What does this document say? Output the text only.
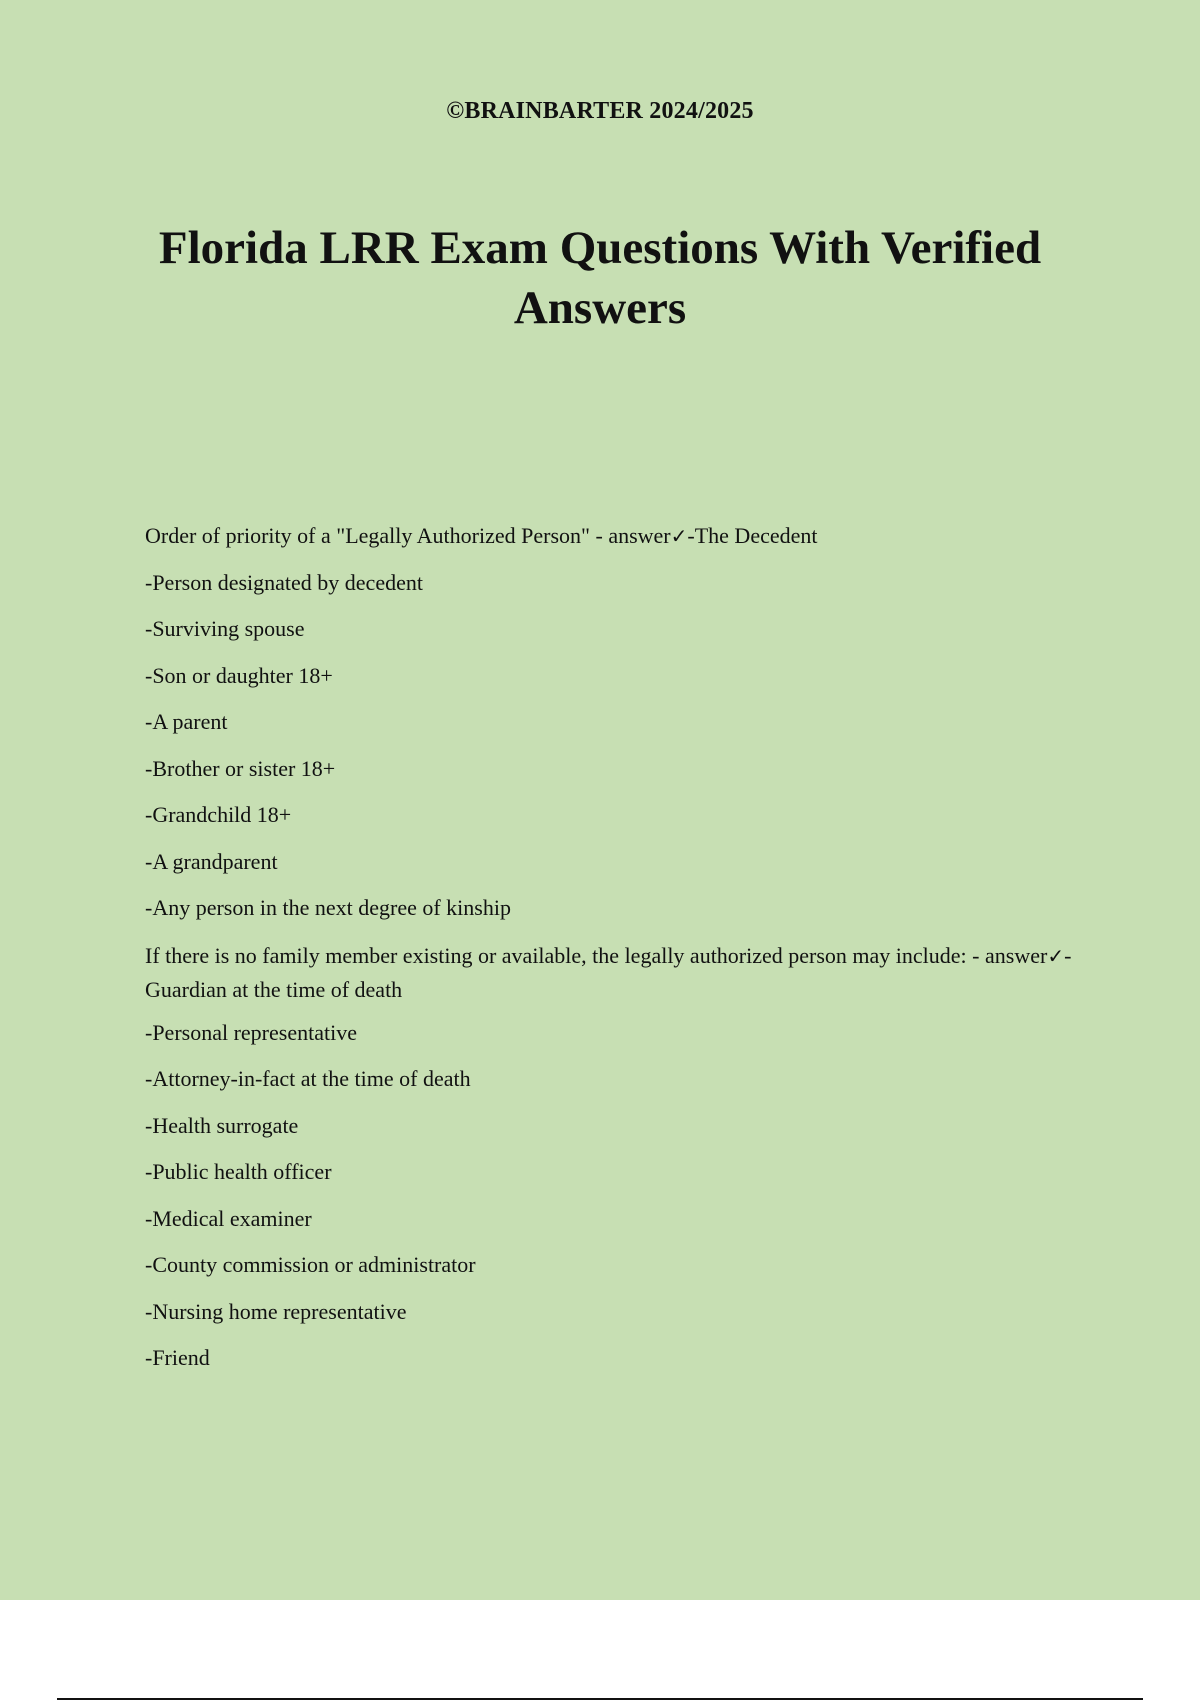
©BRAINBARTER 2024/2025
Florida LRR Exam Questions With Verified Answers
Order of priority of a "Legally Authorized Person" - answer✓-The Decedent
-Person designated by decedent
-Surviving spouse
-Son or daughter 18+
-A parent
-Brother or sister 18+
-Grandchild 18+
-A grandparent
-Any person in the next degree of kinship
If there is no family member existing or available, the legally authorized person may include: - answer✓-Guardian at the time of death
-Personal representative
-Attorney-in-fact at the time of death
-Health surrogate
-Public health officer
-Medical examiner
-County commission or administrator
-Nursing home representative
-Friend
